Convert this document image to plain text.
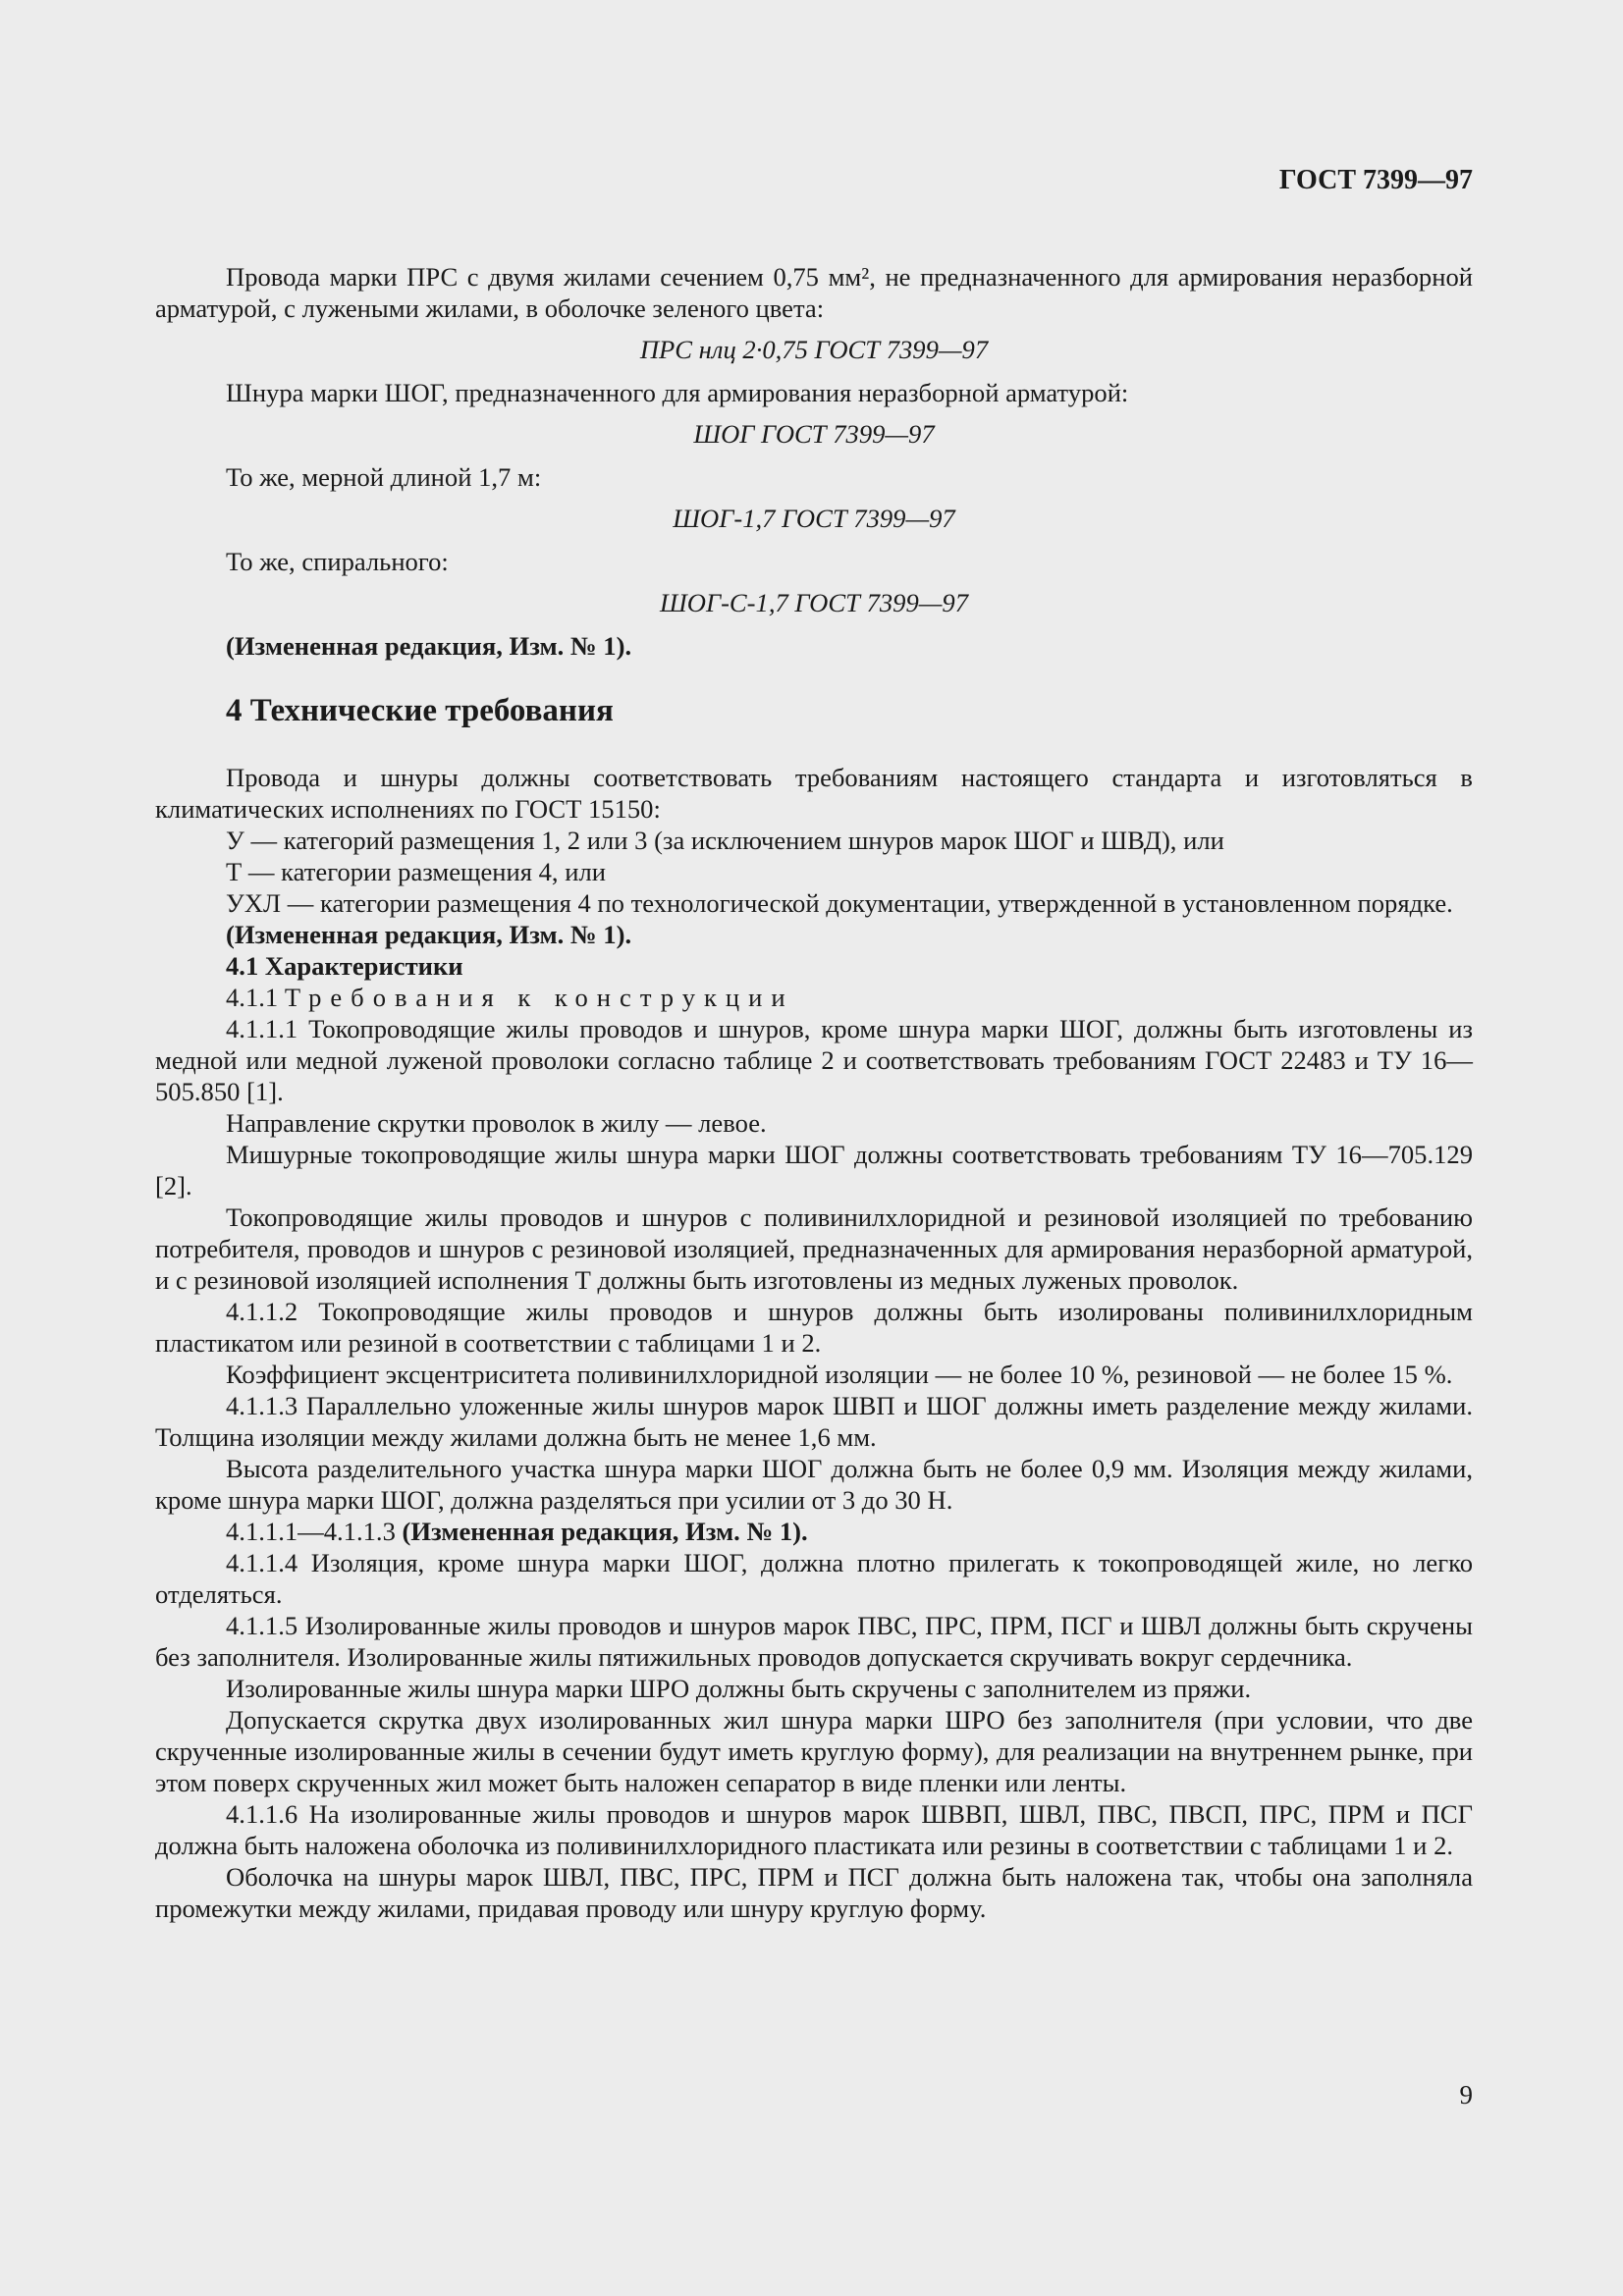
ГОСТ 7399—97

Провода марки ПРС с двумя жилами сечением 0,75 мм², не предназначенного для армирования неразборной арматурой, с лужеными жилами, в оболочке зеленого цвета:

ПРС нлц 2·0,75 ГОСТ 7399—97

Шнура марки ШОГ, предназначенного для армирования неразборной арматурой:

ШОГ ГОСТ 7399—97

То же, мерной длиной 1,7 м:

ШОГ-1,7 ГОСТ 7399—97

То же, спирального:

ШОГ-С-1,7 ГОСТ 7399—97

(Измененная редакция, Изм. № 1).

4 Технические требования

Провода и шнуры должны соответствовать требованиям настоящего стандарта и изготовляться в климатических исполнениях по ГОСТ 15150:

У — категорий размещения 1, 2 или 3 (за исключением шнуров марок ШОГ и ШВД), или

Т — категории размещения 4, или

УХЛ — категории размещения 4 по технологической документации, утвержденной в установленном порядке.

(Измененная редакция, Изм. № 1).

4.1 Характеристики

4.1.1 Требования к конструкции

4.1.1.1 Токопроводящие жилы проводов и шнуров, кроме шнура марки ШОГ, должны быть изготовлены из медной или медной луженой проволоки согласно таблице 2 и соответствовать требованиям ГОСТ 22483 и ТУ 16—505.850 [1].

Направление скрутки проволок в жилу — левое.

Мишурные токопроводящие жилы шнура марки ШОГ должны соответствовать требованиям ТУ 16—705.129 [2].

Токопроводящие жилы проводов и шнуров с поливинилхлоридной и резиновой изоляцией по требованию потребителя, проводов и шнуров с резиновой изоляцией, предназначенных для армирования неразборной арматурой, и с резиновой изоляцией исполнения Т должны быть изготовлены из медных луженых проволок.

4.1.1.2 Токопроводящие жилы проводов и шнуров должны быть изолированы поливинилхлоридным пластикатом или резиной в соответствии с таблицами 1 и 2.

Коэффициент эксцентриситета поливинилхлоридной изоляции — не более 10 %, резиновой — не более 15 %.

4.1.1.3 Параллельно уложенные жилы шнуров марок ШВП и ШОГ должны иметь разделение между жилами. Толщина изоляции между жилами должна быть не менее 1,6 мм.

Высота разделительного участка шнура марки ШОГ должна быть не более 0,9 мм. Изоляция между жилами, кроме шнура марки ШОГ, должна разделяться при усилии от 3 до 30 Н.

4.1.1.1—4.1.1.3 (Измененная редакция, Изм. № 1).

4.1.1.4 Изоляция, кроме шнура марки ШОГ, должна плотно прилегать к токопроводящей жиле, но легко отделяться.

4.1.1.5 Изолированные жилы проводов и шнуров марок ПВС, ПРС, ПРМ, ПСГ и ШВЛ должны быть скручены без заполнителя. Изолированные жилы пятижильных проводов допускается скручивать вокруг сердечника.

Изолированные жилы шнура марки ШРО должны быть скручены с заполнителем из пряжи.

Допускается скрутка двух изолированных жил шнура марки ШРО без заполнителя (при условии, что две скрученные изолированные жилы в сечении будут иметь круглую форму), для реализации на внутреннем рынке, при этом поверх скрученных жил может быть наложен сепаратор в виде пленки или ленты.

4.1.1.6 На изолированные жилы проводов и шнуров марок ШВВП, ШВЛ, ПВС, ПВСП, ПРС, ПРМ и ПСГ должна быть наложена оболочка из поливинилхлоридного пластиката или резины в соответствии с таблицами 1 и 2.

Оболочка на шнуры марок ШВЛ, ПВС, ПРС, ПРМ и ПСГ должна быть наложена так, чтобы она заполняла промежутки между жилами, придавая проводу или шнуру круглую форму.

9
